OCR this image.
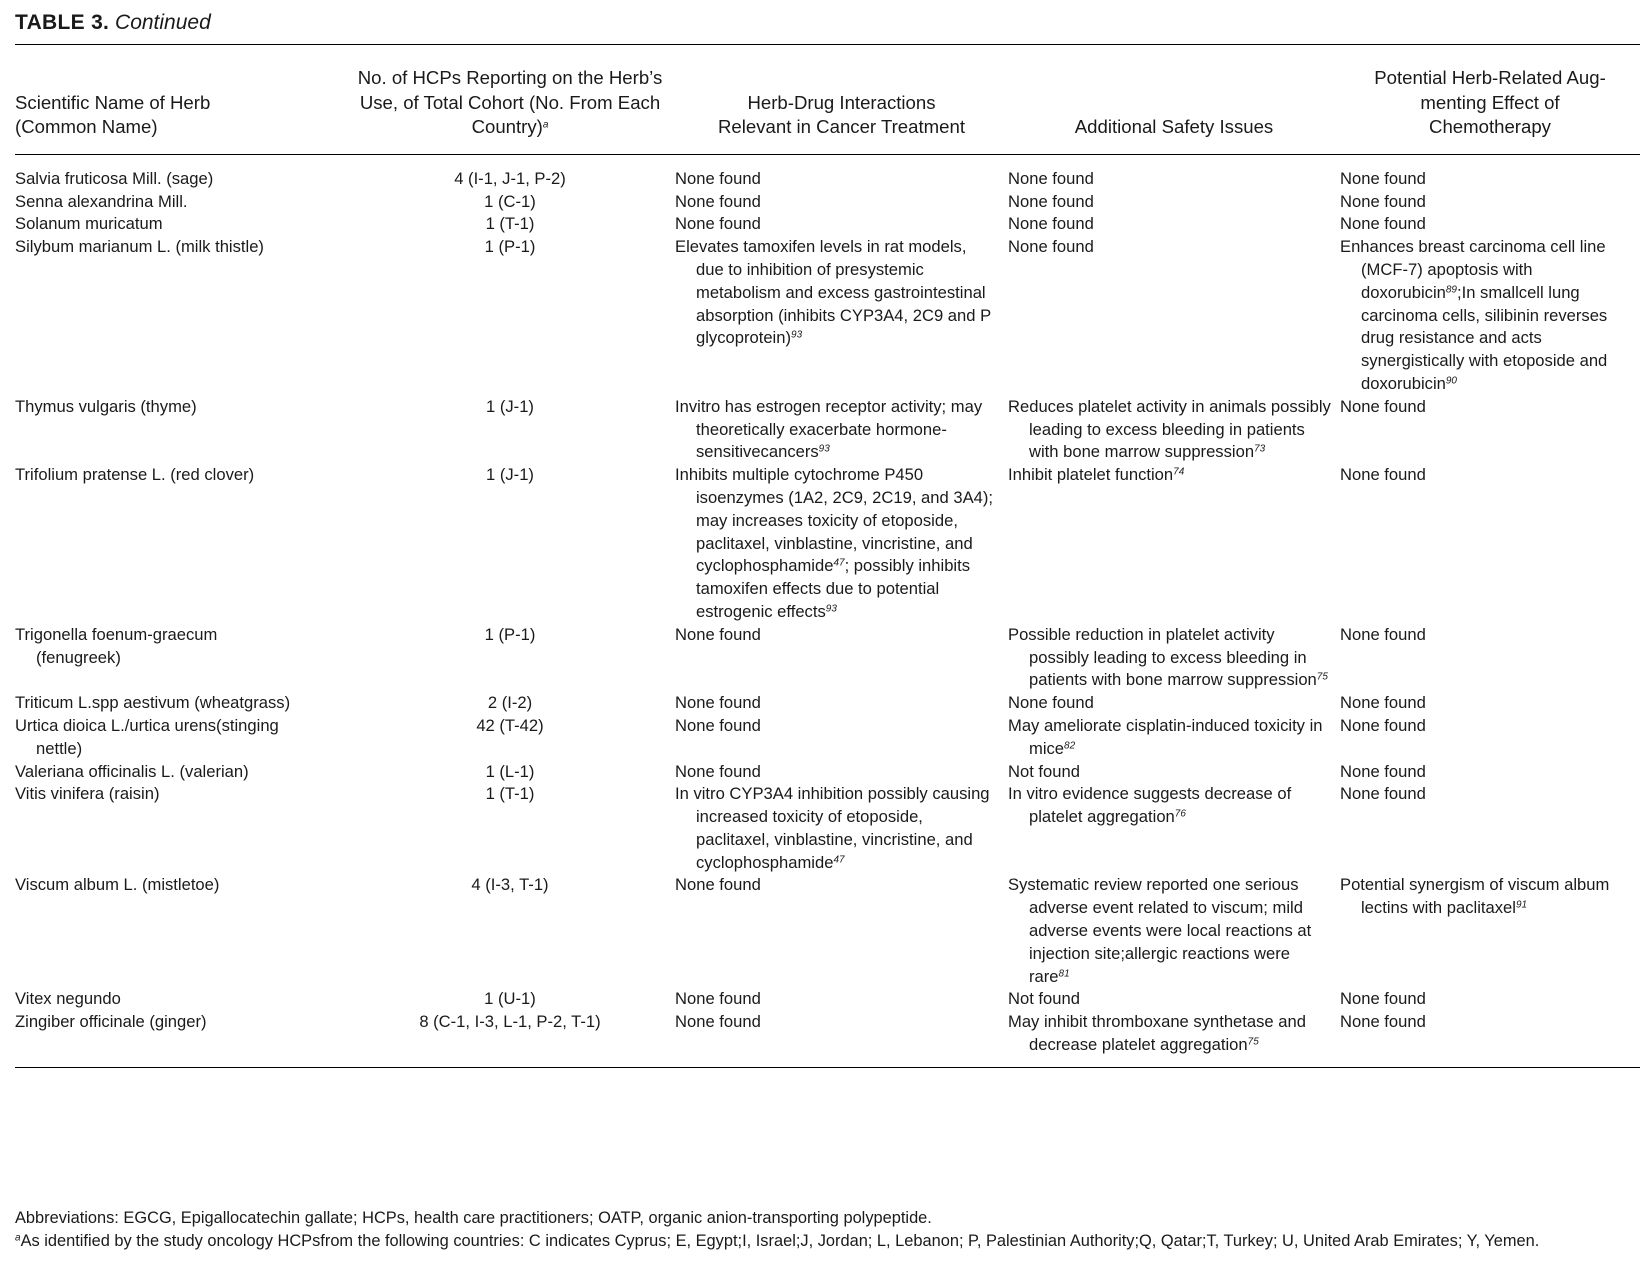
TABLE 3. Continued
Scientific Name of Herb (Common Name)	No. of HCPs Reporting on the Herb’s Use, of Total Cohort (No. From Each Country)$^a$	Herb-Drug Interactions Relevant in Cancer Treatment	Additional Safety Issues	Potential Herb-Related Aug-menting Effect of Chemotherapy
Salvia fruticosa Mill. (sage)	4 (I-1, J-1, P-2)	None found	None found	None found
Senna alexandrina Mill.	1 (C-1)	None found	None found	None found
Solanum muricatum	1 (T-1)	None found	None found	None found
Silybum marianum L. (milk thistle)	1 (P-1)	Elevates tamoxifen levels in rat models, due to inhibition of presystemic metabolism and excess gastrointestinal absorption (inhibits CYP3A4, 2C9 and P glycoprotein)$^{93}$	None found	Enhances breast carcinoma cell line (MCF-7) apoptosis with doxorubicin$^{89}$;In smallcell lung carcinoma cells, silibinin reverses drug resistance and acts synergistically with etoposide and doxorubicin$^{90}$
Thymus vulgaris (thyme)	1 (J-1)	Invitro has estrogen receptor activity; may theoretically exacerbate hormone-sensitivecancers$^{93}$	Reduces platelet activity in animals possibly leading to excess bleeding in patients with bone marrow suppression$^{73}$	None found
Trifolium pratense L. (red clover)	1 (J-1)	Inhibits multiple cytochrome P450 isoenzymes (1A2, 2C9, 2C19, and 3A4); may increases toxicity of etoposide, paclitaxel, vinblastine, vincristine, and cyclophosphamide$^{47}$; possibly inhibits tamoxifen effects due to potential estrogenic effects$^{93}$	Inhibit platelet function$^{74}$	None found
Trigonella foenum-graecum (fenugreek)	1 (P-1)	None found	Possible reduction in platelet activity possibly leading to excess bleeding in patients with bone marrow suppression$^{75}$	None found
Triticum L.spp aestivum (wheatgrass)	2 (I-2)	None found	None found	None found
Urtica dioica L./urtica urens(stinging nettle)	42 (T-42)	None found	May ameliorate cisplatin-induced toxicity in mice$^{82}$	None found
Valeriana officinalis L. (valerian)	1 (L-1)	None found	Not found	None found
Vitis vinifera (raisin)	1 (T-1)	In vitro CYP3A4 inhibition possibly causing increased toxicity of etoposide, paclitaxel, vinblastine, vincristine, and cyclophosphamide$^{47}$	In vitro evidence suggests decrease of platelet aggregation$^{76}$	None found
Viscum album L. (mistletoe)	4 (I-3, T-1)	None found	Systematic review reported one serious adverse event related to viscum; mild adverse events were local reactions at injection site;allergic reactions were rare$^{81}$	Potential synergism of viscum album lectins with paclitaxel$^{91}$
Vitex negundo	1 (U-1)	None found	Not found	None found
Zingiber officinale (ginger)	8 (C-1, I-3, L-1, P-2, T-1)	None found	May inhibit thromboxane synthetase and decrease platelet aggregation$^{75}$	None found

Abbreviations: EGCG, Epigallocatechin gallate; HCPs, health care practitioners; OATP, organic anion-transporting polypeptide.

$^a$As identified by the study oncology HCPsfrom the following countries: C indicates Cyprus; E, Egypt;I, Israel;J, Jordan; L, Lebanon; P, Palestinian Authority;Q, Qatar;T, Turkey; U, United Arab Emirates; Y, Yemen.
